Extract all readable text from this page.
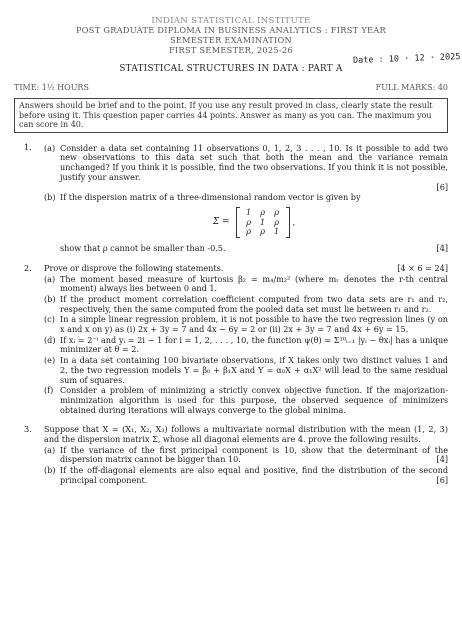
INDIAN STATISTICAL INSTITUTE
POST GRADUATE DIPLOMA IN BUSINESS ANALYTICS : FIRST YEAR
SEMESTER EXAMINATION
FIRST SEMESTER, 2025-26
STATISTICAL STRUCTURES IN DATA : PART A
Date : 10 · 12 · 2025
TIME: 1½ HOURS	FULL MARKS: 40
Answers should be brief and to the point. If you use any result proved in class, clearly state the result before using it. This question paper carries 44 points. Answer as many as you can. The maximum you can score in 40.
1.	(a) Consider a data set containing 11 observations 0, 1, 2, 3 . . . , 10. Is it possible to add two new observations to this data set such that both the mean and the variance remain unchanged? If you think it is possible, find the two observations. If you think it is not possible, justify your answer.
[6]
(b) If the dispersion matrix of a three-dimensional random vector is given by
Σ =
1	ρ	ρ
ρ	1	ρ
ρ	ρ	1
,
show that ρ cannot be smaller than -0.5.	[4]
2.	Prove or disprove the following statements.	[4 × 6 = 24]
(a) The moment based measure of kurtosis β₂ = m₄/m₂² (where mᵣ denotes the r-th central moment) always lies between 0 and 1.
(b) If the product moment correlation coefficient computed from two data sets are r₁ and r₂, respectively, then the same computed from the pooled data set must lie between r₁ and r₂.
(c) In a simple linear regression problem, it is not possible to have the two regression lines (y on x and x on y) as (i) 2x + 3y = 7 and 4x − 6y = 2 or (ii) 2x + 3y = 7 and 4x + 6y = 15.
(d) If xᵢ = 2⁻ⁱ and yᵢ = 2i − 1 for i = 1, 2, . . . , 10, the function ψ(θ) = Σ¹⁰ᵢ₌₁ |yᵢ − θxᵢ| has a unique minimizer at θ = 2.
(e) In a data set containing 100 bivariate observations, if X takes only two distinct values 1 and 2, the two regression models Y = β₀ + β₁X and Y = α₀X + α₁X² will lead to the same residual sum of squares.
(f) Consider a problem of minimizing a strictly convex objective function. If the majorization-minimization algorithm is used for this purpose, the observed sequence of minimizers obtained during iterations will always converge to the global minima.
3.	Suppose that X = (X₁, X₂, X₃) follows a multivariate normal distribution with the mean (1, 2, 3) and the dispersion matrix Σ, whose all diagonal elements are 4. prove the following results.
(a) If the variance of the first principal component is 10, show that the determinant of the dispersion matrix cannot be bigger than 10.	[4]
(b) If the off-diagonal elements are also equal and positive, find the distribution of the second principal component.	[6]
